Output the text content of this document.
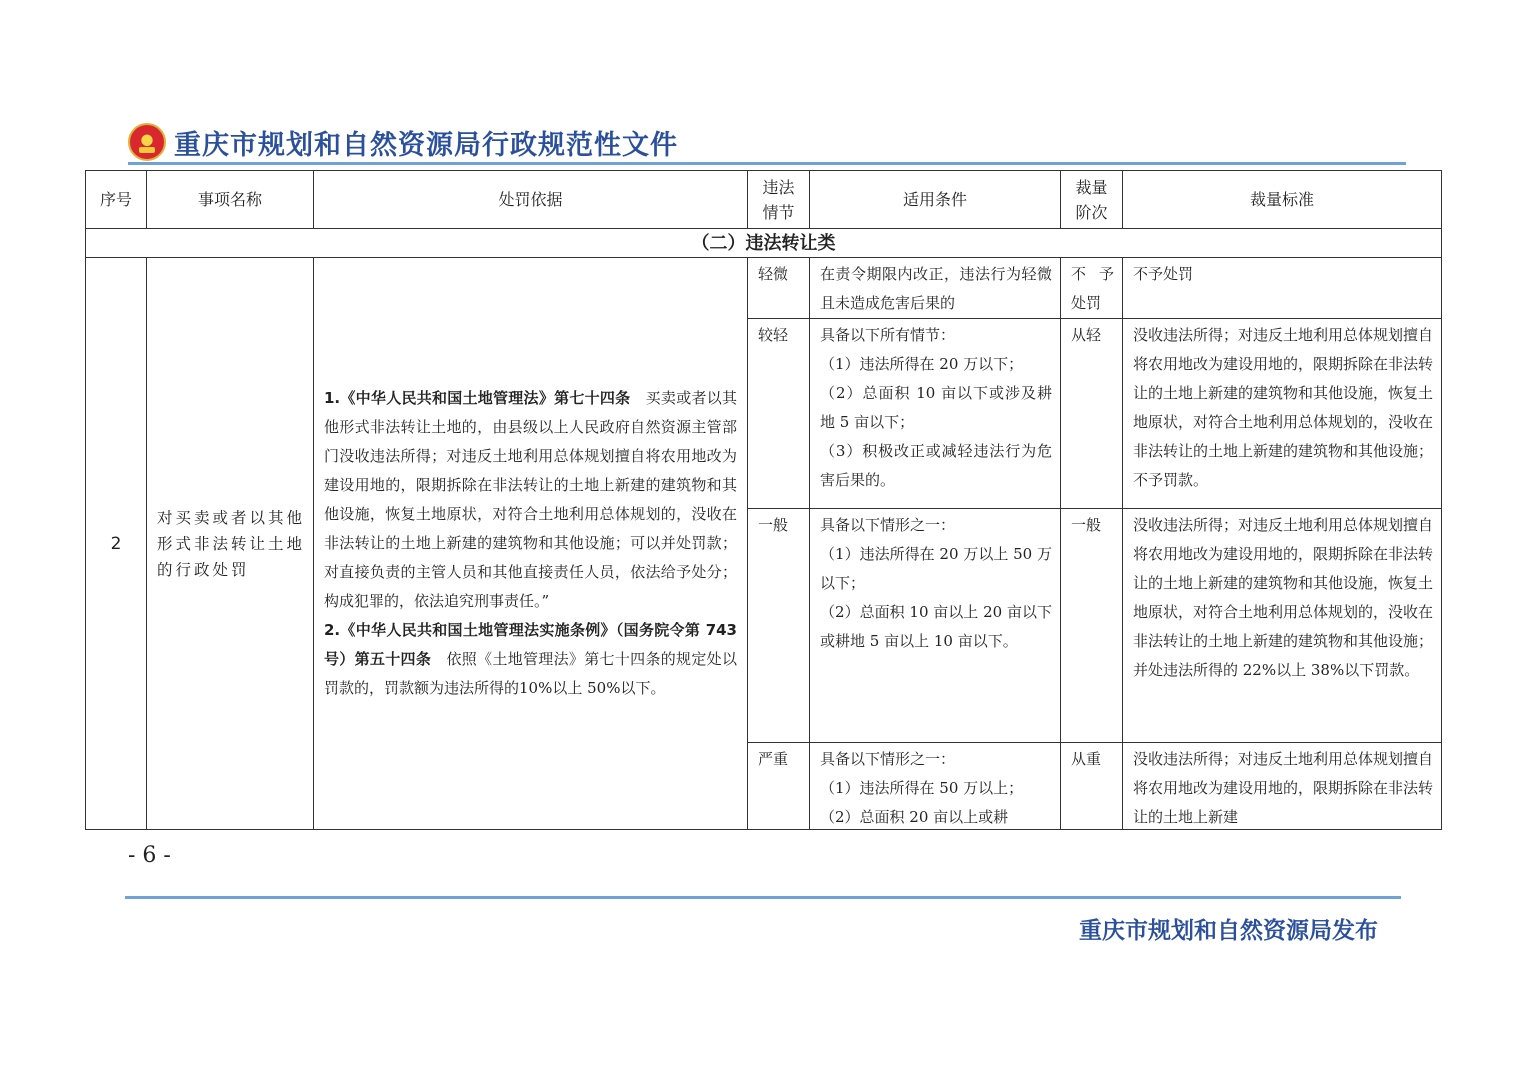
重庆市规划和自然资源局行政规范性文件
序号	事项名称	处罚依据	违法情节	适用条件	裁量阶次	裁量标准
（二）违法转让类						
2	对买卖或者以其他形式非法转让土地的行政处罚	1.《中华人民共和国土地管理法》第七十四条　买卖或者以其他形式非法转让土地的，由县级以上人民政府自然资源主管部门没收违法所得；对违反土地利用总体规划擅自将农用地改为建设用地的，限期拆除在非法转让的土地上新建的建筑物和其他设施，恢复土地原状，对符合土地利用总体规划的，没收在非法转让的土地上新建的建筑物和其他设施；可以并处罚款；对直接负责的主管人员和其他直接责任人员，依法给予处分；构成犯罪的，依法追究刑事责任。”
2.《中华人民共和国土地管理法实施条例》（国务院令第 743 号）第五十四条　依照《土地管理法》第七十四条的规定处以罚款的，罚款额为违法所得的10%以上 50%以下。	轻微	在责令期限内改正，违法行为轻微且未造成危害后果的	不予处罚	不予处罚
			较轻	具备以下所有情节：
（1）违法所得在 20 万以下；
（2）总面积 10 亩以下或涉及耕地 5 亩以下；
（3）积极改正或减轻违法行为危害后果的。	从轻	没收违法所得；对违反土地利用总体规划擅自将农用地改为建设用地的，限期拆除在非法转让的土地上新建的建筑物和其他设施，恢复土地原状，对符合土地利用总体规划的，没收在非法转让的土地上新建的建筑物和其他设施；不予罚款。
			一般	具备以下情形之一：
（1）违法所得在 20 万以上 50 万以下；
（2）总面积 10 亩以上 20 亩以下或耕地 5 亩以上 10 亩以下。	一般	没收违法所得；对违反土地利用总体规划擅自将农用地改为建设用地的，限期拆除在非法转让的土地上新建的建筑物和其他设施，恢复土地原状，对符合土地利用总体规划的，没收在非法转让的土地上新建的建筑物和其他设施；并处违法所得的 22%以上 38%以下罚款。
			严重	具备以下情形之一：
（1）违法所得在 50 万以上；
（2）总面积 20 亩以上或耕	从重	没收违法所得；对违反土地利用总体规划擅自将农用地改为建设用地的，限期拆除在非法转让的土地上新建
- 6 -
重庆市规划和自然资源局发布
